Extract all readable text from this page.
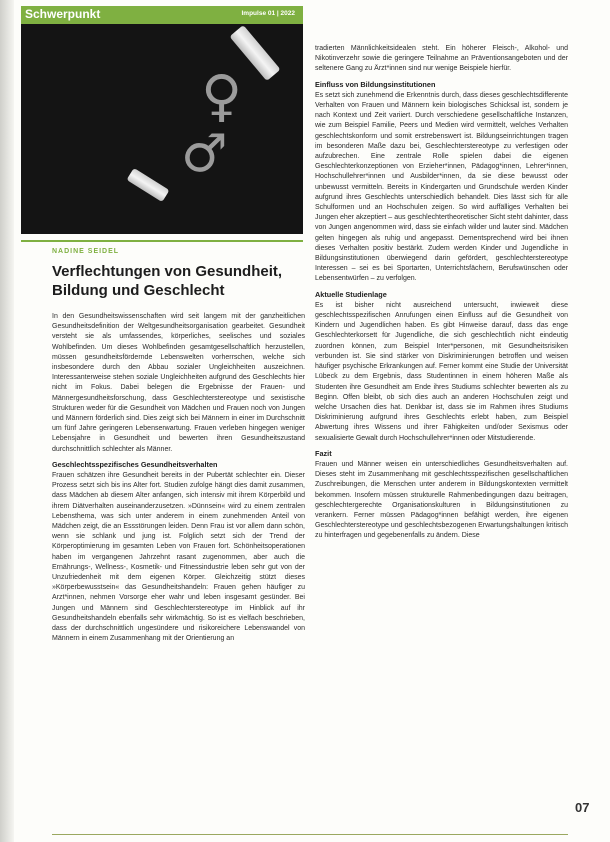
Schwerpunkt	Impulse 01 | 2022
♀
♂
NADINE SEIDEL
Verflechtungen von Gesundheit, Bildung und Geschlecht

In den Gesundheitswissenschaften wird seit langem mit der ganzheitlichen Gesundheitsdefinition der Weltgesundheitsorganisation gearbeitet. Gesundheit versteht sie als umfassendes, körperliches, seelisches und soziales Wohlbefinden. Um dieses Wohlbefinden gesamtgesellschaftlich herzustellen, müssen gesundheitsfördernde Lebenswelten vorherrschen, welche sich insbesondere durch den Abbau sozialer Ungleichheiten auszeichnen. Interessanterweise stehen soziale Ungleichheiten aufgrund des Geschlechts hier nicht im Fokus. Dabei belegen die Ergebnisse der Frauen- und Männergesundheitsforschung, dass Geschlechterstereotype und sexistische Strukturen weder für die Gesundheit von Mädchen und Frauen noch von Jungen und Männern förderlich sind. Dies zeigt sich bei Männern in einer im Durchschnitt um fünf Jahre geringeren Lebenserwartung. Frauen verleben hingegen weniger Lebensjahre in Gesundheit und bewerten ihren Gesundheitszustand durchschnittlich schlechter als Männer.

Geschlechtsspezifisches Gesundheitsverhalten

Frauen schätzen ihre Gesundheit bereits in der Pubertät schlechter ein. Dieser Prozess setzt sich bis ins Alter fort. Studien zufolge hängt dies damit zusammen, dass Mädchen ab diesem Alter anfangen, sich intensiv mit ihrem Körperbild und ihrem Diätverhalten auseinanderzusetzen. »Dünnsein« wird zu einem zentralen Lebensthema, was sich unter anderem in einem zunehmenden Anteil von Mädchen zeigt, die an Essstörungen leiden. Denn Frau ist vor allem dann schön, wenn sie schlank und jung ist. Folglich setzt sich der Trend der Körperoptimierung im gesamten Leben von Frauen fort. Schönheitsoperationen haben im vergangenen Jahrzehnt rasant zugenommen, aber auch die Ernährungs-, Wellness-, Kosmetik- und Fitnessindustrie leben sehr gut von der Unzufriedenheit mit dem eigenen Körper. Gleichzeitig stützt dieses »Körperbewusstsein« das Gesundheitshandeln: Frauen gehen häufiger zu Arzt*innen, nehmen Vorsorge eher wahr und leben insgesamt gesünder. Bei Jungen und Männern sind Geschlechterstereotype im Hinblick auf ihr Gesundheitshandeln ebenfalls sehr wirkmächtig. So ist es vielfach beschrieben, dass der durchschnittlich ungesündere und risikoreichere Lebenswandel von Männern in einem Zusammenhang mit der Orientierung an

tradierten Männlichkeitsidealen steht. Ein höherer Fleisch-, Alkohol- und Nikotinverzehr sowie die geringere Teilnahme an Präventionsangeboten und der seltenere Gang zu Ärzt*innen sind nur wenige Beispiele hierfür.

Einfluss von Bildungsinstitutionen

Es setzt sich zunehmend die Erkenntnis durch, dass dieses geschlechtsdifferente Verhalten von Frauen und Männern kein biologisches Schicksal ist, sondern je nach Kontext und Zeit variiert. Durch verschiedene gesellschaftliche Instanzen, wie zum Beispiel Familie, Peers und Medien wird vermittelt, welches Verhalten geschlechtskonform und somit erstrebenswert ist. Bildungseinrichtungen tragen im besonderen Maße dazu bei, Geschlechterstereotype zu verfestigen oder aufzubrechen. Eine zentrale Rolle spielen dabei die eigenen Geschlechterkonzeptionen von Erzieher*innen, Pädagog*innen, Lehrer*innen, Hochschullehrer*innen und Ausbilder*innen, da sie diese bewusst oder unbewusst vermitteln. Bereits in Kindergarten und Grundschule werden Kinder aufgrund ihres Geschlechts unterschiedlich behandelt. Dies lässt sich für alle Schulformen und an Hochschulen zeigen. So wird auffälliges Verhalten bei Jungen eher akzeptiert – aus geschlechtertheoretischer Sicht steht dahinter, dass von Jungen angenommen wird, dass sie einfach wilder und lauter sind. Mädchen gelten hingegen als ruhig und angepasst. Dementsprechend wird bei ihnen dieses Verhalten positiv bestärkt. Zudem werden Kinder und Jugendliche in Bildungsinstitutionen überwiegend darin gefördert, geschlechterstereotype Interessen – sei es bei Sportarten, Unterrichtsfächern, Berufswünschen oder Lebensentwürfen – zu verfolgen.

Aktuelle Studienlage

Es ist bisher nicht ausreichend untersucht, inwieweit diese geschlechtsspezifischen Anrufungen einen Einfluss auf die Gesundheit von Kindern und Jugendlichen haben. Es gibt Hinweise darauf, dass das enge Geschlechterkorsett für Jugendliche, die sich geschlechtlich nicht eindeutig zuordnen können, zum Beispiel Inter*personen, mit Gesundheitsrisiken verbunden ist. Sie sind stärker von Diskriminierungen betroffen und weisen häufiger psychische Erkrankungen auf. Ferner kommt eine Studie der Universität Lübeck zu dem Ergebnis, dass Studentinnen in einem höheren Maße als Studenten ihre Gesundheit am Ende ihres Studiums schlechter bewerten als zu Beginn. Offen bleibt, ob sich dies auch an anderen Hochschulen zeigt und welche Ursachen dies hat. Denkbar ist, dass sie im Rahmen ihres Studiums Diskriminierung aufgrund ihres Geschlechts erlebt haben, zum Beispiel Abwertung ihres Wissens und ihrer Fähigkeiten und/oder Sexismus oder sexualisierte Gewalt durch Hochschullehrer*innen oder Mitstudierende.

Fazit

Frauen und Männer weisen ein unterschiedliches Gesundheitsverhalten auf. Dieses steht im Zusammenhang mit geschlechtsspezifischen gesellschaftlichen Zuschreibungen, die Menschen unter anderem in Bildungskontexten vermittelt bekommen. Insofern müssen strukturelle Rahmenbedingungen dazu beitragen, geschlechtergerechte Organisationskulturen in Bildungsinstitutionen zu verankern. Ferner müssen Pädagog*innen befähigt werden, ihre eigenen Geschlechterstereotype und geschlechtsbezogenen Erwartungshaltungen kritisch zu hinterfragen und gegebenenfalls zu ändern. Diese

07
